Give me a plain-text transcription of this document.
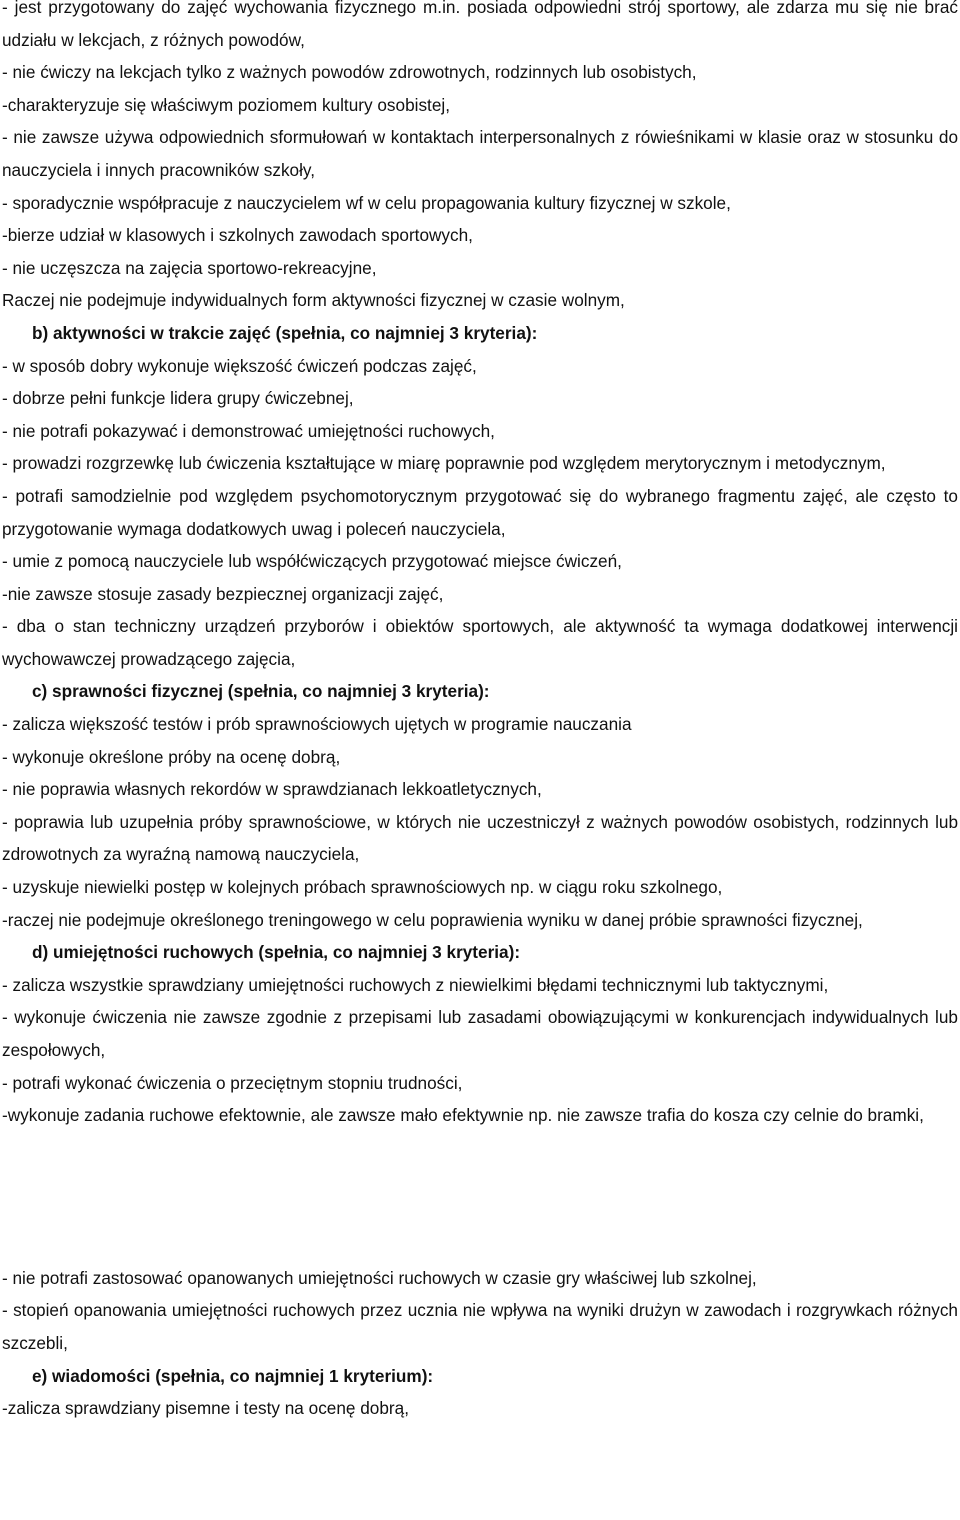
- jest przygotowany do zajęć wychowania fizycznego m.in. posiada odpowiedni strój sportowy, ale zdarza mu się nie brać udziału w lekcjach, z różnych powodów,

- nie ćwiczy na lekcjach tylko z ważnych powodów zdrowotnych, rodzinnych lub osobistych,

-charakteryzuje się właściwym poziomem kultury osobistej,

- nie zawsze używa odpowiednich sformułowań w kontaktach interpersonalnych z rówieśnikami w klasie oraz w stosunku do nauczyciela i innych pracowników szkoły,

- sporadycznie współpracuje z nauczycielem wf w celu propagowania kultury fizycznej w szkole,

-bierze udział w klasowych i szkolnych zawodach sportowych,

- nie uczęszcza na zajęcia sportowo-rekreacyjne,

Raczej nie podejmuje indywidualnych form aktywności fizycznej w czasie wolnym,

b) aktywności w trakcie zajęć (spełnia, co najmniej 3 kryteria):

- w sposób dobry wykonuje większość ćwiczeń podczas zajęć,

- dobrze pełni funkcje lidera grupy ćwiczebnej,

- nie potrafi pokazywać i demonstrować umiejętności ruchowych,

- prowadzi rozgrzewkę lub ćwiczenia kształtujące w miarę poprawnie pod względem merytorycznym i metodycznym,

- potrafi samodzielnie pod względem psychomotorycznym przygotować się do wybranego fragmentu zajęć, ale często to przygotowanie wymaga dodatkowych uwag i poleceń nauczyciela,

- umie z pomocą nauczyciele lub współćwiczących przygotować miejsce ćwiczeń,

-nie zawsze stosuje zasady bezpiecznej organizacji zajęć,

- dba o stan techniczny urządzeń przyborów i obiektów sportowych, ale aktywność ta wymaga dodatkowej interwencji wychowawczej prowadzącego zajęcia,

c) sprawności fizycznej (spełnia, co najmniej 3 kryteria):

- zalicza większość testów i prób sprawnościowych ujętych w programie nauczania

- wykonuje określone próby na ocenę dobrą,

- nie poprawia własnych rekordów w sprawdzianach lekkoatletycznych,

- poprawia lub uzupełnia próby sprawnościowe, w których nie uczestniczył z ważnych powodów osobistych, rodzinnych lub zdrowotnych za wyraźną namową nauczyciela,

- uzyskuje niewielki postęp w kolejnych próbach sprawnościowych np. w ciągu roku szkolnego,

-raczej nie podejmuje określonego treningowego w celu poprawienia wyniku w danej próbie sprawności fizycznej,

d) umiejętności ruchowych (spełnia, co najmniej 3 kryteria):

- zalicza wszystkie sprawdziany umiejętności ruchowych z niewielkimi błędami technicznymi lub taktycznymi,

- wykonuje ćwiczenia nie zawsze zgodnie z przepisami lub zasadami obowiązującymi w konkurencjach indywidualnych lub zespołowych,

- potrafi wykonać ćwiczenia o przeciętnym stopniu trudności,

-wykonuje zadania ruchowe efektownie, ale zawsze mało efektywnie np. nie zawsze trafia do kosza czy celnie do bramki,

- nie potrafi zastosować opanowanych umiejętności ruchowych w czasie gry właściwej lub szkolnej,

- stopień opanowania umiejętności ruchowych przez ucznia nie wpływa na wyniki drużyn w zawodach i rozgrywkach różnych szczebli,

e) wiadomości (spełnia, co najmniej 1 kryterium):

-zalicza sprawdziany pisemne i testy na ocenę dobrą,
